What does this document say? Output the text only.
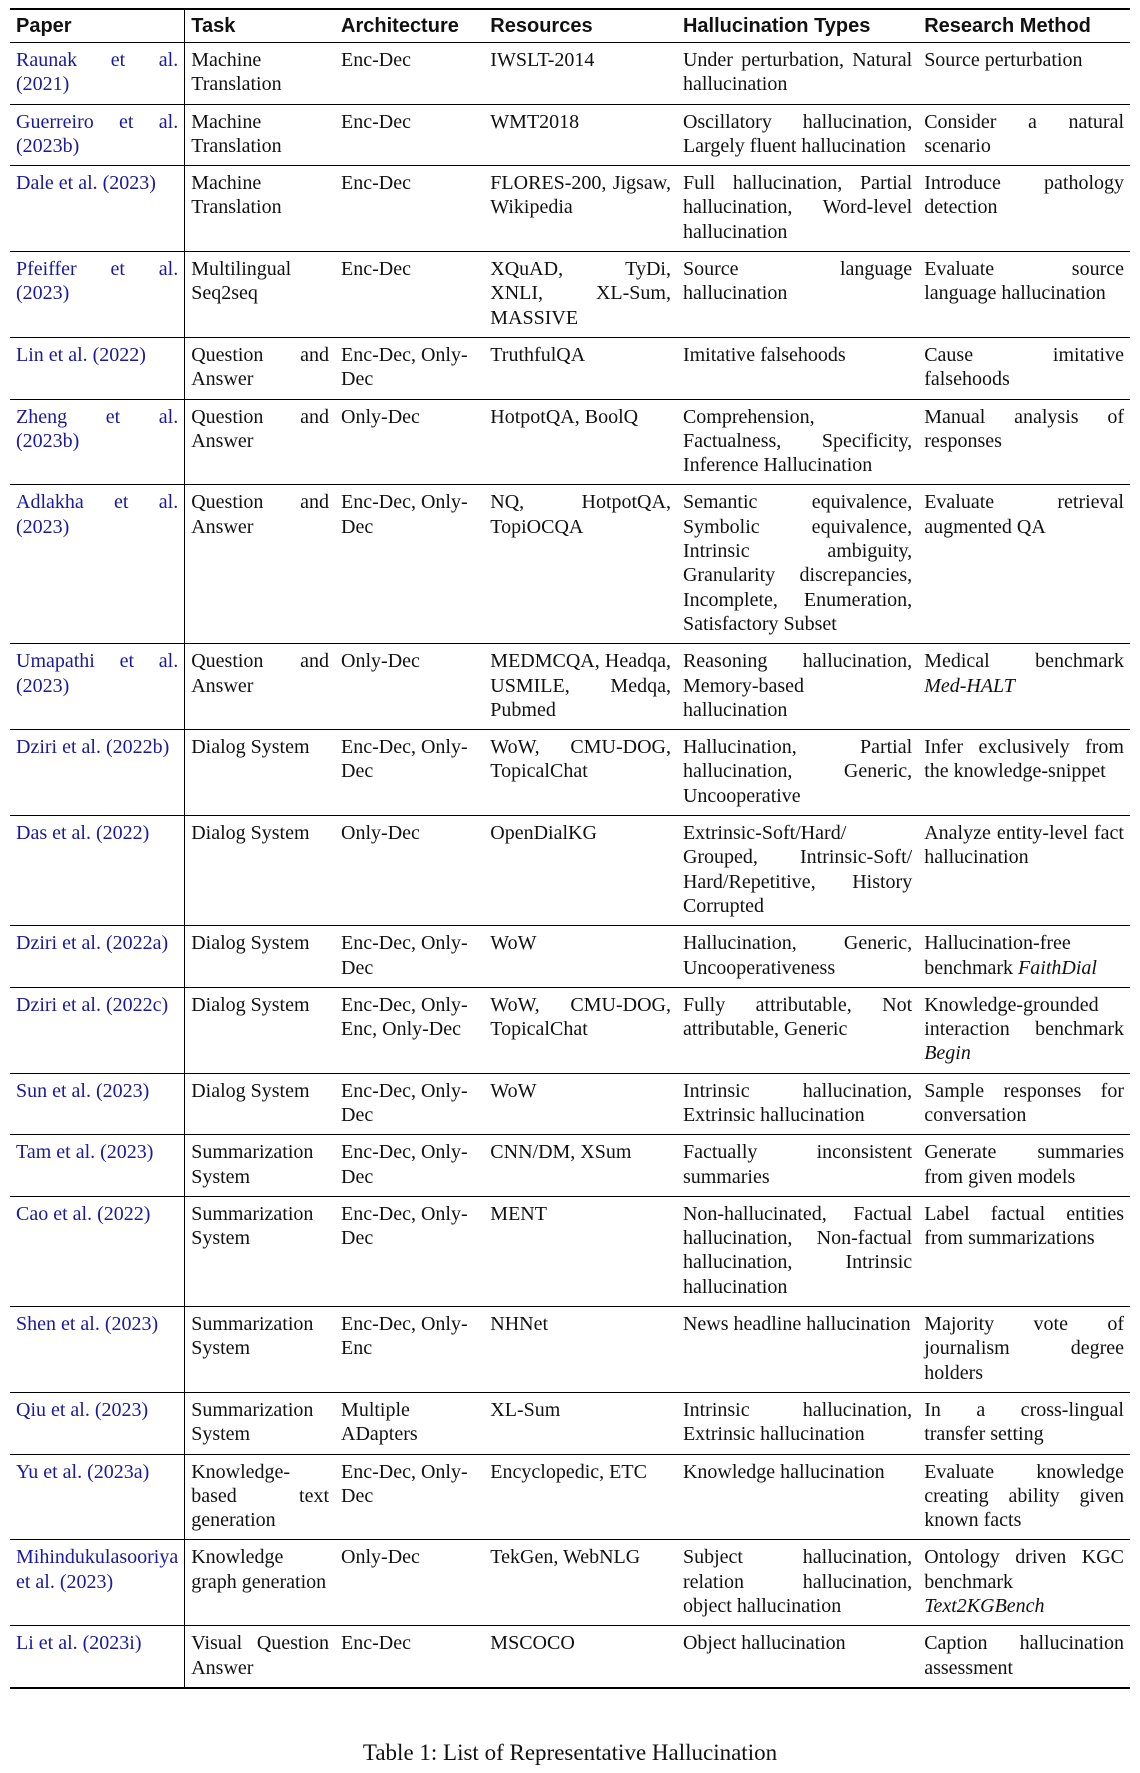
Paper	Task	Architecture	Resources	Hallucination Types	Research Method
Raunak et al. (2021)	Machine Translation	Enc-Dec	IWSLT-2014	Under perturbation, Natural hallucination	Source perturbation
Guerreiro et al. (2023b)	Machine Translation	Enc-Dec	WMT2018	Oscillatory hallucination, Largely fluent hallucination	Consider a natural scenario
Dale et al. (2023)	Machine Translation	Enc-Dec	FLORES-200, Jigsaw, Wikipedia	Full hallucination, Partial hallucination, Word-level hallucination	Introduce pathology detection
Pfeiffer et al. (2023)	Multilingual Seq2seq	Enc-Dec	XQuAD, TyDi, XNLI, XL-Sum, MASSIVE	Source language hallucination	Evaluate source language hallucination
Lin et al. (2022)	Question and Answer	Enc-Dec, Only-Dec	TruthfulQA	Imitative falsehoods	Cause imitative falsehoods
Zheng et al. (2023b)	Question and Answer	Only-Dec	HotpotQA, BoolQ	Comprehension, Factualness, Specificity, Inference Hallucination	Manual analysis of responses
Adlakha et al. (2023)	Question and Answer	Enc-Dec, Only-Dec	NQ, HotpotQA, TopiOCQA	Semantic equivalence, Symbolic equivalence, Intrinsic ambiguity, Granularity discrepancies, Incomplete, Enumeration, Satisfactory Subset	Evaluate retrieval augmented QA
Umapathi et al. (2023)	Question and Answer	Only-Dec	MEDMCQA, Headqa, USMILE, Medqa, Pubmed	Reasoning hallucination, Memory-based hallucination	Medical benchmark Med-HALT
Dziri et al. (2022b)	Dialog System	Enc-Dec, Only-Dec	WoW, CMU-DOG, TopicalChat	Hallucination, Partial hallucination, Generic, Uncooperative	Infer exclusively from the knowledge-snippet
Das et al. (2022)	Dialog System	Only-Dec	OpenDialKG	Extrinsic-Soft/Hard/ Grouped, Intrinsic-Soft/ Hard/Repetitive, History Corrupted	Analyze entity-level fact hallucination
Dziri et al. (2022a)	Dialog System	Enc-Dec, Only-Dec	WoW	Hallucination, Generic, Uncooperativeness	Hallucination-free benchmark FaithDial
Dziri et al. (2022c)	Dialog System	Enc-Dec, Only-Enc, Only-Dec	WoW, CMU-DOG, TopicalChat	Fully attributable, Not attributable, Generic	Knowledge-grounded interaction benchmark Begin
Sun et al. (2023)	Dialog System	Enc-Dec, Only-Dec	WoW	Intrinsic hallucination, Extrinsic hallucination	Sample responses for conversation
Tam et al. (2023)	Summarization System	Enc-Dec, Only-Dec	CNN/DM, XSum	Factually inconsistent summaries	Generate summaries from given models
Cao et al. (2022)	Summarization System	Enc-Dec, Only-Dec	MENT	Non-hallucinated, Factual hallucination, Non-factual hallucination, Intrinsic hallucination	Label factual entities from summarizations
Shen et al. (2023)	Summarization System	Enc-Dec, Only-Enc	NHNet	News headline hallucination	Majority vote of journalism degree holders
Qiu et al. (2023)	Summarization System	Multiple ADapters	XL-Sum	Intrinsic hallucination, Extrinsic hallucination	In a cross-lingual transfer setting
Yu et al. (2023a)	Knowledge-based text generation	Enc-Dec, Only-Dec	Encyclopedic, ETC	Knowledge hallucination	Evaluate knowledge creating ability given known facts
Mihindukulasooriya et al. (2023)	Knowledge graph generation	Only-Dec	TekGen, WebNLG	Subject hallucination, relation hallucination, object hallucination	Ontology driven KGC benchmark Text2KGBench
Li et al. (2023i)	Visual Question Answer	Enc-Dec	MSCOCO	Object hallucination	Caption hallucination assessment
Table 1: List of Representative Hallucination
